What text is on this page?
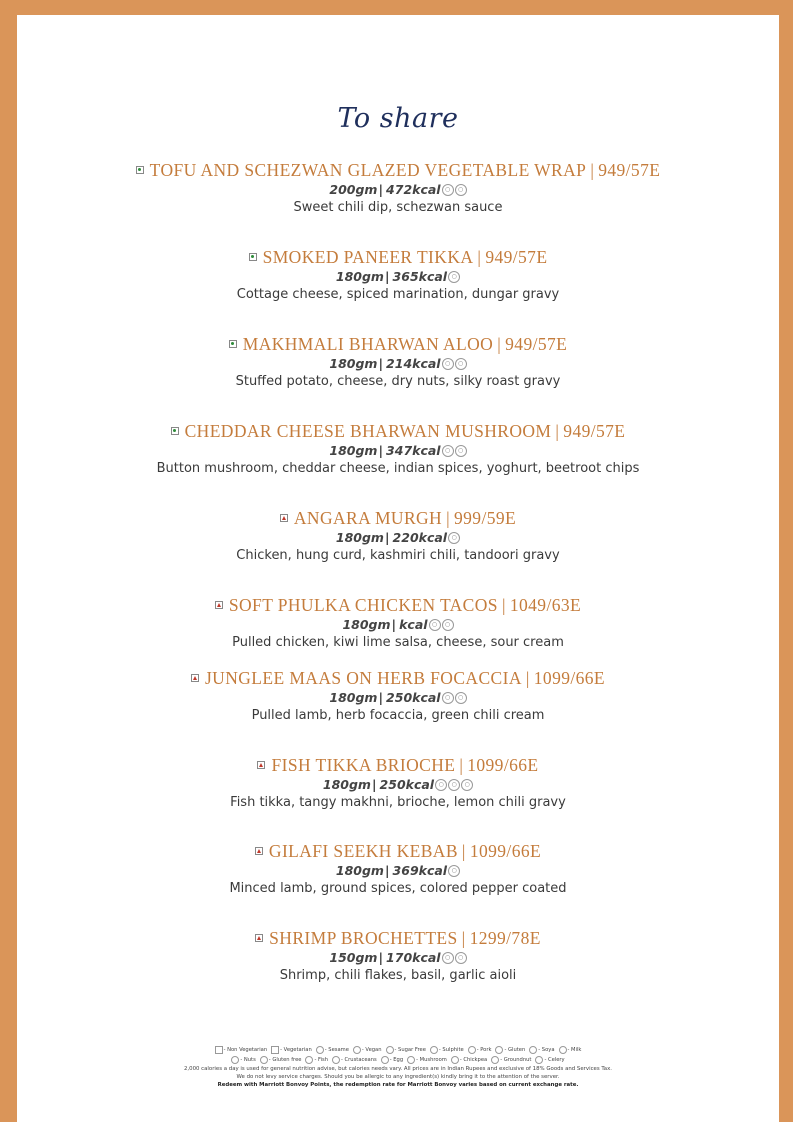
To share
TOFU AND SCHEZWAN GLAZED VEGETABLE WRAP | 949/57E
200gm| 472kcal ○ ○
Sweet chili dip, schezwan sauce
SMOKED PANEER TIKKA | 949/57E
180gm| 365kcal ○
Cottage cheese, spiced marination, dungar gravy
MAKHMALI BHARWAN ALOO | 949/57E
180gm| 214kcal ○ ○
Stuffed potato, cheese, dry nuts, silky roast gravy
CHEDDAR CHEESE BHARWAN MUSHROOM | 949/57E
180gm| 347kcal ○ ○
Button mushroom, cheddar cheese, indian spices, yoghurt, beetroot chips
ANGARA MURGH | 999/59E
180gm| 220kcal ○
Chicken, hung curd, kashmiri chili, tandoori gravy
SOFT PHULKA CHICKEN TACOS | 1049/63E
180gm| kcal ○ ○
Pulled chicken, kiwi lime salsa, cheese, sour cream
JUNGLEE MAAS ON HERB FOCACCIA | 1099/66E
180gm| 250kcal ○ ○
Pulled lamb, herb focaccia, green chili cream
FISH TIKKA BRIOCHE | 1099/66E
180gm| 250kcal ○ ○ ○
Fish tikka, tangy makhni, brioche, lemon chili gravy
GILAFI SEEKH KEBAB | 1099/66E
180gm| 369kcal ○
Minced lamb, ground spices, colored pepper coated
SHRIMP BROCHETTES | 1299/78E
150gm| 170kcal ○ ○
Shrimp, chili flakes, basil, garlic aioli
- Non Vegetarian	- Vegetarian	- Sesame	- Vegan	- Sugar Free	- Sulphite	- Pork	- Gluten	- Soya	- Milk
- Nuts	- Gluten free	- Fish	- Crustaceans	- Egg	- Mushroom	- Chickpea	- Groundnut	- Celery
2,000 calories a day is used for general nutrition advise, but calories needs vary. All prices are in Indian Rupees and exclusive of 18% Goods and Services Tax.
We do not levy service charges. Should you be allergic to any ingredient(s) kindly bring it to the attention of the server.
Redeem with Marriott Bonvoy Points, the redemption rate for Marriott Bonvoy varies based on current exchange rate.
